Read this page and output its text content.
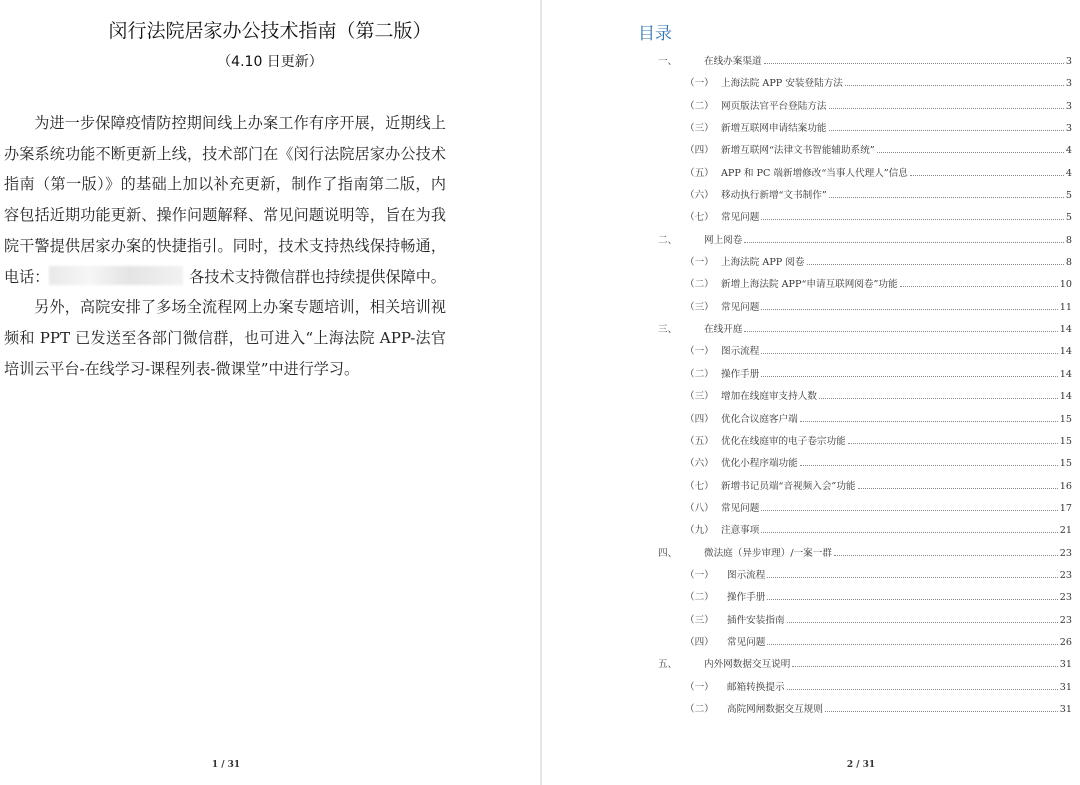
闵行法院居家办公技术指南（第二版）
（4.10 日更新）

为进一步保障疫情防控期间线上办案工作有序开展，近期线上办案系统功能不断更新上线，技术部门在《闵行法院居家办公技术指南（第一版）》的基础上加以补充更新，制作了指南第二版，内容包括近期功能更新、操作问题解释、常见问题说明等，旨在为我院干警提供居家办案的快捷指引。同时，技术支持热线保持畅通，电话：	各技术支持微信群也持续提供保障中。

另外，高院安排了多场全流程网上办案专题培训，相关培训视频和 PPT 已发送至各部门微信群，也可进入“上海法院 APP-法官培训云平台-在线学习-课程列表-微课堂”中进行学习。

1 / 31
目录
一、	在线办案渠道	3
（一） 上海法院 APP 安装登陆方法	3
（二） 网页版法官平台登陆方法	3
（三） 新增互联网申请结案功能	3
（四） 新增互联网“法律文书智能辅助系统”	4
（五） APP 和 PC 端新增修改“当事人代理人”信息	4
（六） 移动执行新增“文书制作”	5
（七） 常见问题	5
二、	网上阅卷	8
（一） 上海法院 APP 阅卷	8
（二） 新增上海法院 APP“申请互联网阅卷”功能	10
（三） 常见问题	11
三、	在线开庭	14
（一） 图示流程	14
（二） 操作手册	14
（三） 增加在线庭审支持人数	14
（四） 优化合议庭客户端	15
（五） 优化在线庭审的电子卷宗功能	15
（六） 优化小程序端功能	15
（七） 新增书记员端“音视频入会”功能	16
（八） 常见问题	17
（九） 注意事项	21
四、	微法庭（异步审理）/一案一群	23
（一） 图示流程	23
（二） 操作手册	23
（三） 插件安装指南	23
（四） 常见问题	26
五、	内外网数据交互说明	31
（一） 邮箱转换提示	31
（二） 高院网闸数据交互规则	31
2 / 31
